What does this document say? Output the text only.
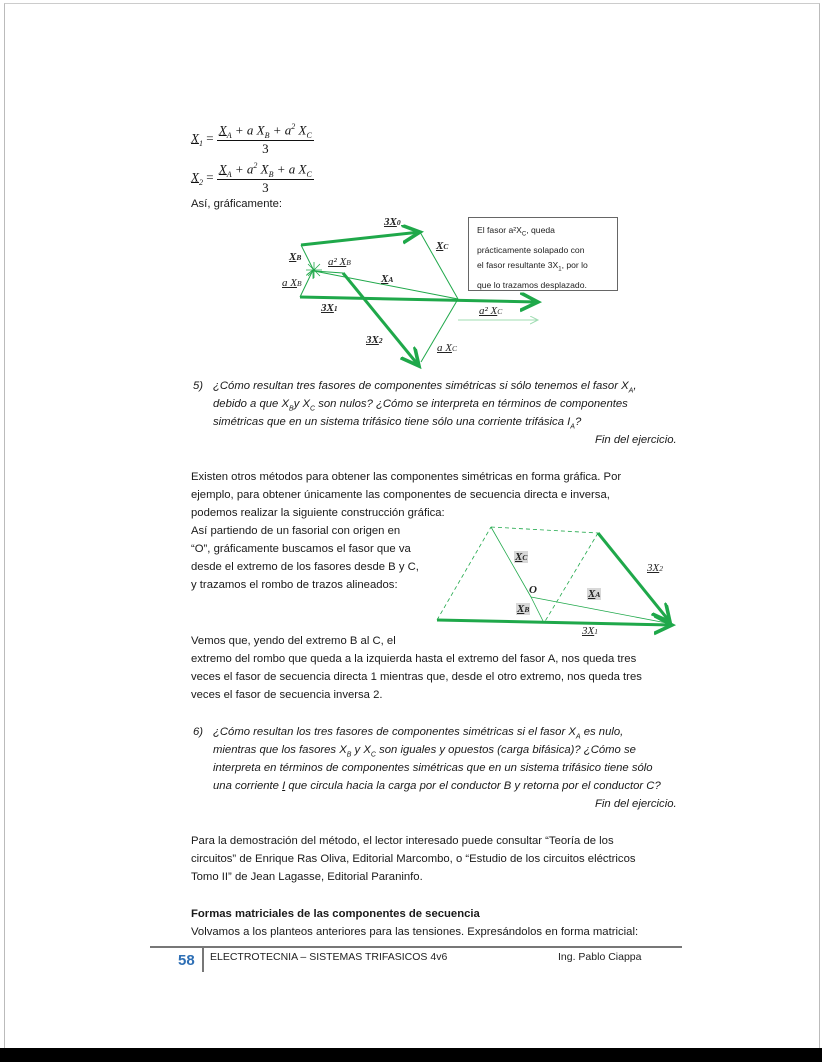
$X_1 = \frac{X_A + a X_B + a^2 X_C}{3}$
$X_2 = \frac{X_A + a^2 X_B + a X_C}{3}$
Así, gráficamente:
3X0
XC
XB a² XB
a XB	XA
3X1	a² XC
3X2
a XC
El fasor $a^2X_C$, queda
prácticamente solapado con
el fasor resultante $3X_1$, por lo
que lo trazamos desplazado.
5) ¿Cómo resultan tres fasores de componentes simétricas si sólo tenemos el fasor $X_A$,
debido a que $X_By$ $X_C$ son nulos? ¿Cómo se interpreta en términos de componentes
simétricas que en un sistema trifásico tiene sólo una corriente trifásica $I_A$?
Fin del ejercicio.
Existen otros métodos para obtener las componentes simétricas en forma gráfica. Por
ejemplo, para obtener únicamente las componentes de secuencia directa e inversa,
podemos realizar la siguiente construcción gráfica:
Así partiendo de un fasorial con origen en
“O”, gráficamente buscamos el fasor que va
desde el extremo de los fasores desde B y C,
y trazamos el rombo de trazos alineados:
XC
3X2
O	XA
XB
3X1
Vemos que, yendo del extremo B al C, el
extremo del rombo que queda a la izquierda hasta el extremo del fasor A, nos queda tres
veces el fasor de secuencia directa 1 mientras que, desde el otro extremo, nos queda tres
veces el fasor de secuencia inversa 2.
6) ¿Cómo resultan los tres fasores de componentes simétricas si el fasor $X_A$ es nulo,
mientras que los fasores $X_B$ y $X_C$ son iguales y opuestos (carga bifásica)? ¿Cómo se
interpreta en términos de componentes simétricas que en un sistema trifásico tiene sólo
una corriente I que circula hacia la carga por el conductor B y retorna por el conductor C?
Fin del ejercicio.
Para la demostración del método, el lector interesado puede consultar “Teoría de los
circuitos” de Enrique Ras Oliva, Editorial Marcombo, o “Estudio de los circuitos eléctricos
Tomo II” de Jean Lagasse, Editorial Paraninfo.
Formas matriciales de las componentes de secuencia
Volvamos a los planteos anteriores para las tensiones. Expresándolos en forma matricial:
58 ELECTROTECNIA – SISTEMAS TRIFASICOS 4v6	Ing. Pablo Ciappa
